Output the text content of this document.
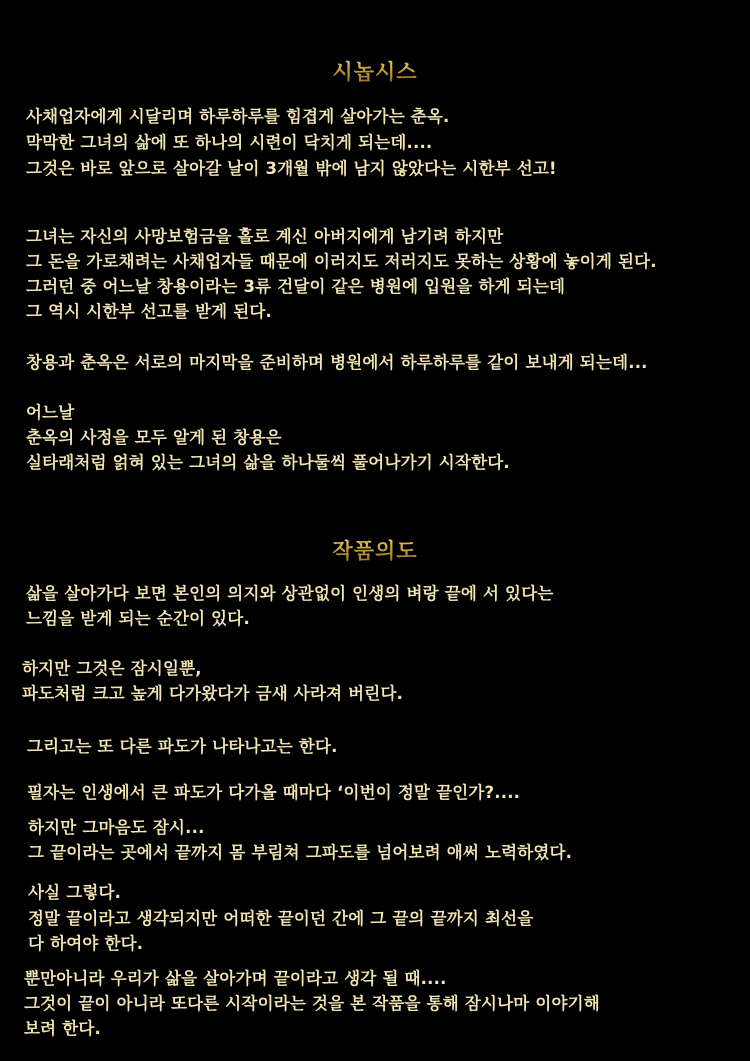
시놉시스
사채업자에게 시달리며 하루하루를 힘겹게 살아가는 춘옥.
막막한 그녀의 삶에 또 하나의 시련이 닥치게 되는데....
그것은 바로 앞으로 살아갈 날이 3개월 밖에 남지 않았다는 시한부 선고!
그녀는 자신의 사망보험금을 홀로 계신 아버지에게 남기려 하지만
그 돈을 가로채려는 사채업자들 때문에 이러지도 저러지도 못하는 상황에 놓이게 된다.
그러던 중 어느날 창용이라는 3류 건달이 같은 병원에 입원을 하게 되는데
그 역시 시한부 선고를 받게 된다.
창용과 춘옥은 서로의 마지막을 준비하며 병원에서 하루하루를 같이 보내게 되는데...
어느날
춘옥의 사정을 모두 알게 된 창용은
실타래처럼 얽혀 있는 그녀의 삶을 하나둘씩 풀어나가기 시작한다.
작품의도
삶을 살아가다 보면 본인의 의지와 상관없이 인생의 벼랑 끝에 서 있다는
느낌을 받게 되는 순간이 있다.
하지만 그것은 잠시일뿐,
파도처럼 크고 높게 다가왔다가 금새 사라져 버린다.
그리고는 또 다른 파도가 나타나고는 한다.
필자는 인생에서 큰 파도가 다가올 때마다 ‘이번이 정말 끝인가?....
하지만 그마음도 잠시...
그 끝이라는 곳에서 끝까지 몸 부림쳐 그파도를 넘어보려 애써 노력하였다.
사실 그렇다.
정말 끝이라고 생각되지만 어떠한 끝이던 간에 그 끝의 끝까지 최선을
다 하여야 한다.
뿐만아니라 우리가 삶을 살아가며 끝이라고 생각 될 때....
그것이 끝이 아니라 또다른 시작이라는 것을 본 작품을 통해 잠시나마 이야기해
보려 한다.
